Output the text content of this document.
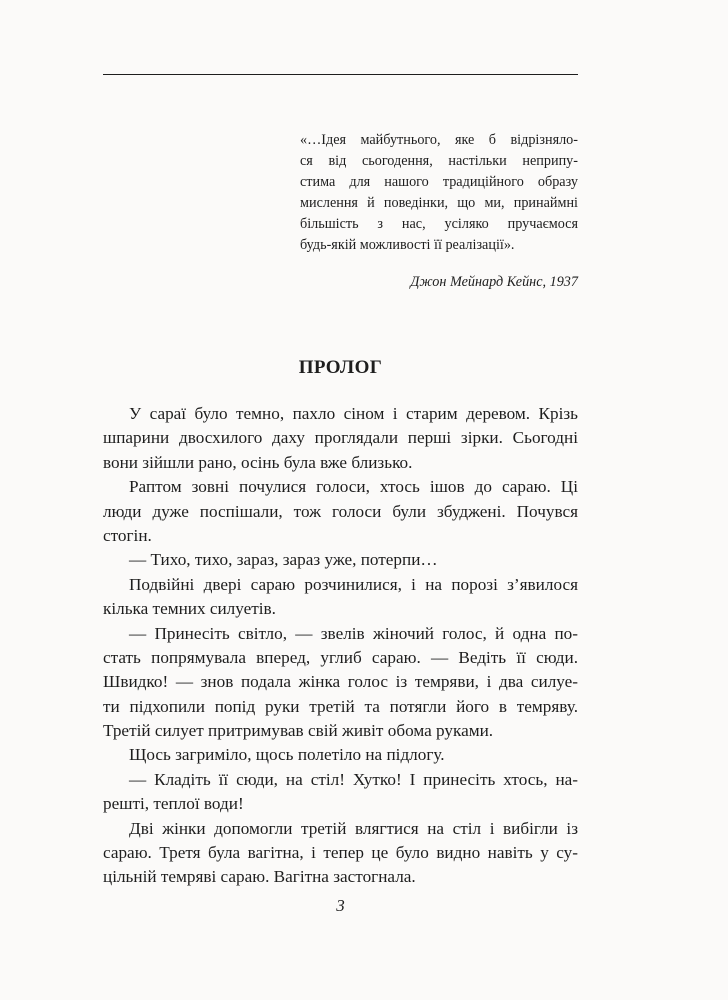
«…Ідея майбутнього, яке б відрізняло-
ся від сьогодення, настільки неприпу-
стима для нашого традиційного образу
мислення й поведінки, що ми, принаймні
більшість з нас, усіляко пручаємося
будь-якій можливості її реалізації».
Джон Мейнард Кейнс, 1937
ПРОЛОГ
У сараї було темно, пахло сіном і старим деревом. Крізь
шпарини двосхилого даху проглядали перші зірки. Сьогодні
вони зійшли рано, осінь була вже близько.
Раптом зовні почулися голоси, хтось ішов до сараю. Ці
люди дуже поспішали, тож голоси були збуджені. Почувся
стогін.
— Тихо, тихо, зараз, зараз уже, потерпи…
Подвійні двері сараю розчинилися, і на порозі з’явилося
кілька темних силуетів.
— Принесіть світло, — звелів жіночий голос, й одна по-
стать попрямувала вперед, углиб сараю. — Ведіть її сюди.
Швидко! — знов подала жінка голос із темряви, і два силуе-
ти підхопили попід руки третій та потягли його в темряву.
Третій силует притримував свій живіт обома руками.
Щось загриміло, щось полетіло на підлогу.
— Кладіть її сюди, на стіл! Хутко! І принесіть хтось, на-
решті, теплої води!
Дві жінки допомогли третій влягтися на стіл і вибігли із
сараю. Третя була вагітна, і тепер це було видно навіть у су-
цільній темряві сараю. Вагітна застогнала.
3
